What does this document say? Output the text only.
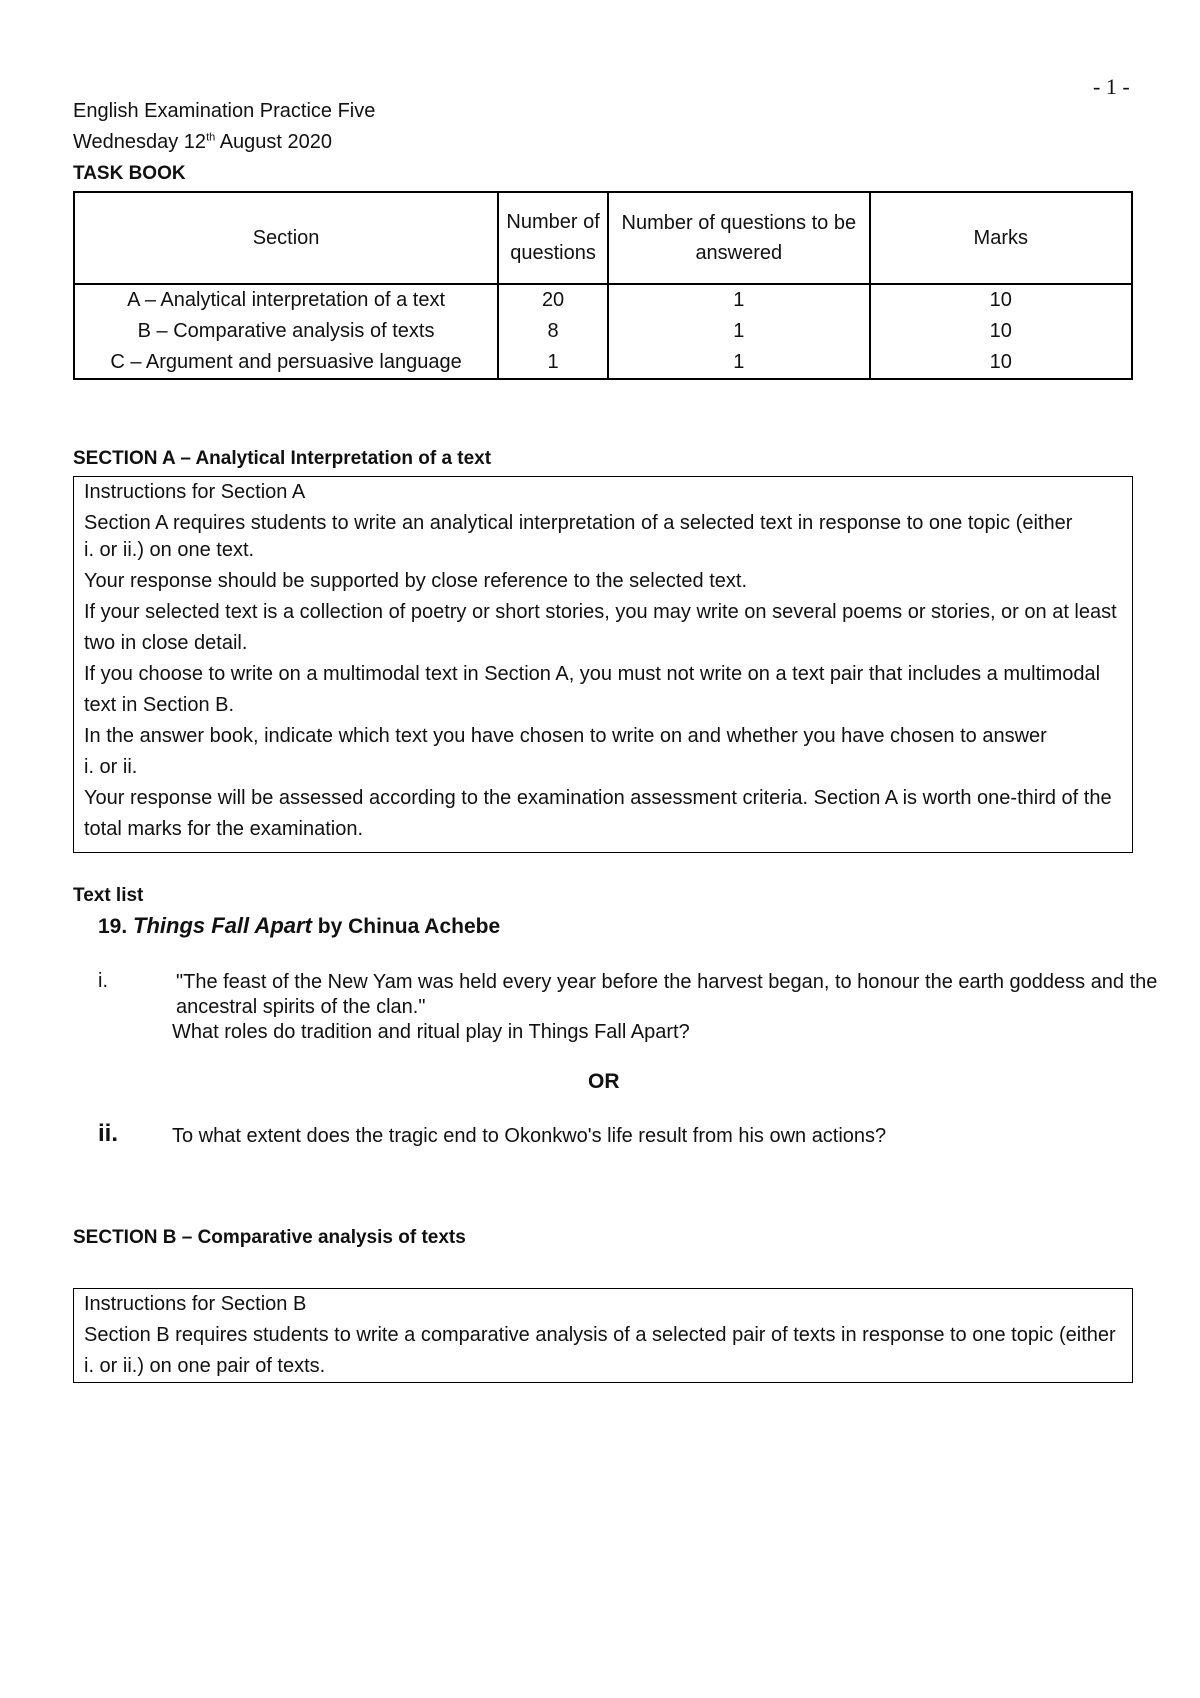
- 1 -
English Examination Practice Five
Wednesday 12th August 2020
TASK BOOK
Section	Number of questions	Number of questions to be answered	Marks
A – Analytical interpretation of a text	20	1	10
B – Comparative analysis of texts	8	1	10
C – Argument and persuasive language	1	1	10
SECTION A – Analytical Interpretation of a text

Instructions for Section A

Section A requires students to write an analytical interpretation of a selected text in response to one topic (either

i. or ii.) on one text.

Your response should be supported by close reference to the selected text.

If your selected text is a collection of poetry or short stories, you may write on several poems or stories, or on at least two in close detail.

If you choose to write on a multimodal text in Section A, you must not write on a text pair that includes a multimodal text in Section B.

In the answer book, indicate which text you have chosen to write on and whether you have chosen to answer

i. or ii.

Your response will be assessed according to the examination assessment criteria. Section A is worth one-third of the total marks for the examination.

Text list
19. Things Fall Apart by Chinua Achebe
i.	"The feast of the New Yam was held every year before the harvest began, to honour the earth goddess and the ancestral spirits of the clan."
What roles do tradition and ritual play in Things Fall Apart?
OR
ii.	To what extent does the tragic end to Okonkwo's life result from his own actions?
SECTION B – Comparative analysis of texts

Instructions for Section B

Section B requires students to write a comparative analysis of a selected pair of texts in response to one topic (either i. or ii.) on one pair of texts.
